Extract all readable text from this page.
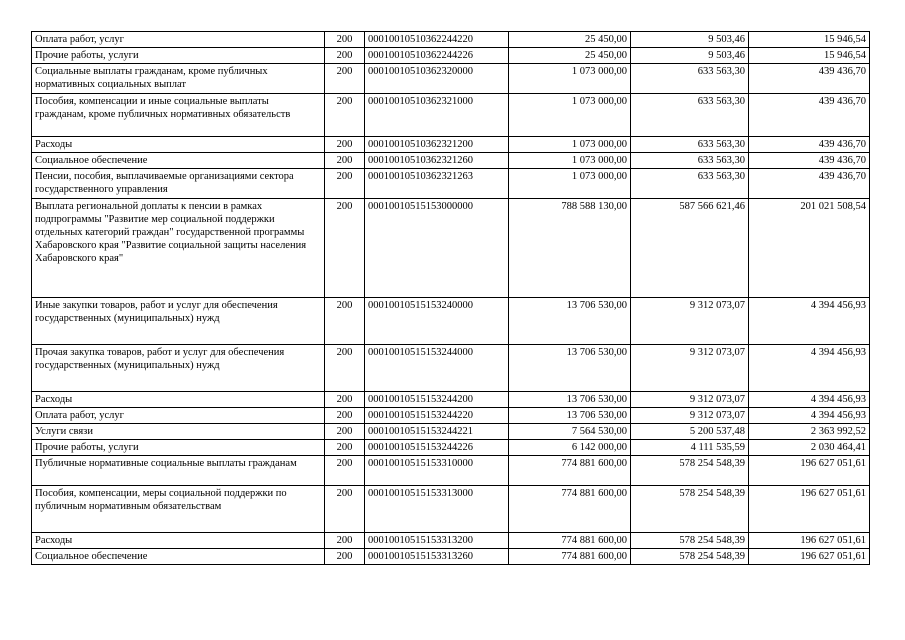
Оплата работ, услуг	200	00010010510362244220	25 450,00	9 503,46	15 946,54
Прочие работы, услуги	200	00010010510362244226	25 450,00	9 503,46	15 946,54
Социальные выплаты гражданам, кроме публичных нормативных социальных выплат	200	00010010510362320000	1 073 000,00	633 563,30	439 436,70
Пособия, компенсации и иные социальные выплаты гражданам, кроме публичных нормативных обязательств	200	00010010510362321000	1 073 000,00	633 563,30	439 436,70
Расходы	200	00010010510362321200	1 073 000,00	633 563,30	439 436,70
Социальное обеспечение	200	00010010510362321260	1 073 000,00	633 563,30	439 436,70
Пенсии, пособия, выплачиваемые организациями сектора государственного управления	200	00010010510362321263	1 073 000,00	633 563,30	439 436,70
Выплата региональной доплаты к пенсии в рамках подпрограммы "Развитие мер социальной поддержки отдельных категорий граждан" государственной программы Хабаровского края "Развитие социальной защиты населения Хабаровского края"	200	00010010515153000000	788 588 130,00	587 566 621,46	201 021 508,54
Иные закупки товаров, работ и услуг для обеспечения государственных (муниципальных) нужд	200	00010010515153240000	13 706 530,00	9 312 073,07	4 394 456,93
Прочая закупка товаров, работ и услуг для обеспечения государственных (муниципальных) нужд	200	00010010515153244000	13 706 530,00	9 312 073,07	4 394 456,93
Расходы	200	00010010515153244200	13 706 530,00	9 312 073,07	4 394 456,93
Оплата работ, услуг	200	00010010515153244220	13 706 530,00	9 312 073,07	4 394 456,93
Услуги связи	200	00010010515153244221	7 564 530,00	5 200 537,48	2 363 992,52
Прочие работы, услуги	200	00010010515153244226	6 142 000,00	4 111 535,59	2 030 464,41
Публичные нормативные социальные выплаты гражданам	200	00010010515153310000	774 881 600,00	578 254 548,39	196 627 051,61
Пособия, компенсации, меры социальной поддержки по публичным нормативным обязательствам	200	00010010515153313000	774 881 600,00	578 254 548,39	196 627 051,61
Расходы	200	00010010515153313200	774 881 600,00	578 254 548,39	196 627 051,61
Социальное обеспечение	200	00010010515153313260	774 881 600,00	578 254 548,39	196 627 051,61
